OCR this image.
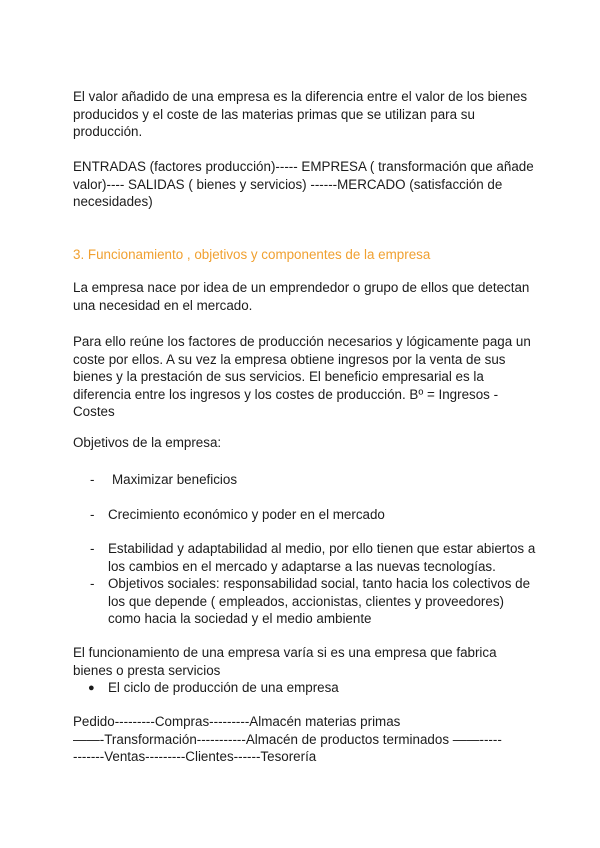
El valor añadido de una empresa es la diferencia entre el valor de los bienes
producidos y el coste de las materias primas que se utilizan para su
producción.
ENTRADAS (factores producción)----- EMPRESA ( transformación que añade
valor)---- SALIDAS ( bienes y servicios) ------MERCADO (satisfacción de
necesidades)
3. Funcionamiento , objetivos y componentes de la empresa
La empresa nace por idea de un emprendedor o grupo de ellos que detectan
una necesidad en el mercado.
Para ello reúne los factores de producción necesarios y lógicamente paga un
coste por ellos. A su vez la empresa obtiene ingresos por la venta de sus
bienes y la prestación de sus servicios. El beneficio empresarial es la
diferencia entre los ingresos y los costes de producción. Bº = Ingresos -
Costes
Objetivos de la empresa:
- Maximizar beneficios
- Crecimiento económico y poder en el mercado
- Estabilidad y adaptabilidad al medio, por ello tienen que estar abiertos a
los cambios en el mercado y adaptarse a las nuevas tecnologías.
- Objetivos sociales: responsabilidad social, tanto hacia los colectivos de
los que depende ( empleados, accionistas, clientes y proveedores)
como hacia la sociedad y el medio ambiente
El funcionamiento de una empresa varía si es una empresa que fabrica
bienes o presta servicios
● El ciclo de producción de una empresa
Pedido---------Compras---------Almacén materias primas
——-Transformación-----------Almacén de productos terminados ——-----
-------Ventas---------Clientes------Tesorería
